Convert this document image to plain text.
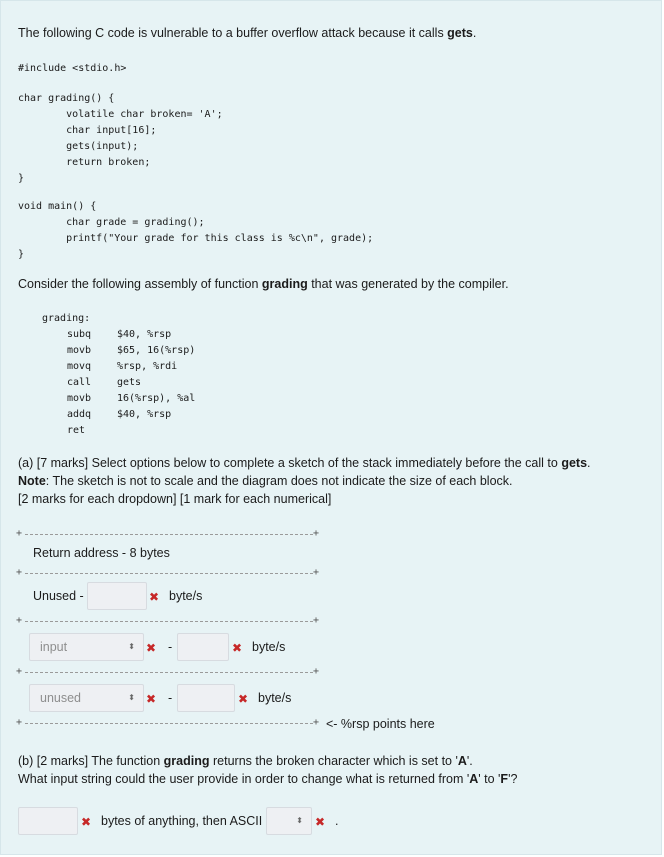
The following C code is vulnerable to a buffer overflow attack because it calls gets.
#include <stdio.h>
char grading() {
volatile char broken= 'A';
char input[16];
gets(input);
return broken;
}
void main() {
char grade = grading();
printf("Your grade for this class is %c\n", grade);
}
Consider the following assembly of function grading that was generated by the compiler.
grading:
subq	$40, %rsp
movb	$65, 16(%rsp)
movq	%rsp, %rdi
call	gets
movb	16(%rsp), %al
addq	$40, %rsp
ret
(a) [7 marks] Select options below to complete a sketch of the stack immediately before the call to gets.
Note: The sketch is not to scale and the diagram does not indicate the size of each block.
[2 marks for each dropdown] [1 mark for each numerical]
+	+
Return address - 8 bytes
+	+
Unused -	✖ byte/s
+	+
input	⬍ ✖ -	✖ byte/s
+	+
unused	⬍ ✖ -	✖ byte/s
+	+ <- %rsp points here
(b) [2 marks] The function grading returns the broken character which is set to 'A'.
What input string could the user provide in order to change what is returned from 'A' to 'F'?
✖ bytes of anything, then ASCII	⬍ ✖ .
